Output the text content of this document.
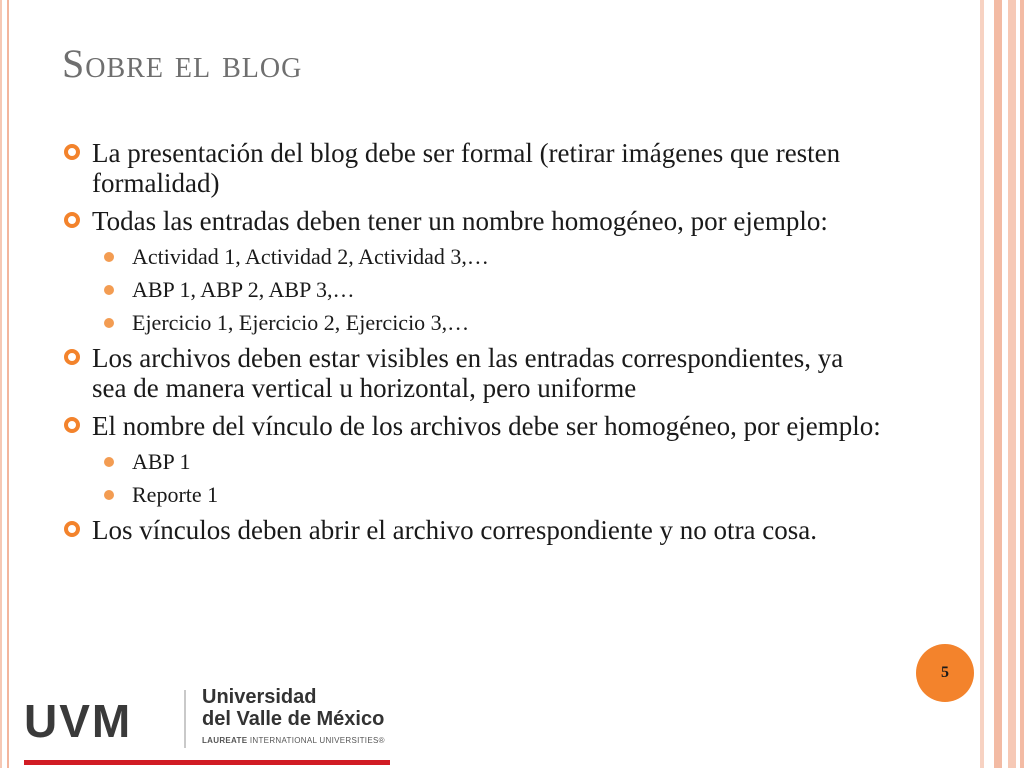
Sobre el blog
La presentación del blog debe ser formal (retirar imágenes que resten formalidad)
Todas las entradas deben tener un nombre homogéneo, por ejemplo:
Actividad 1, Actividad 2, Actividad 3,…
ABP 1, ABP 2, ABP 3,…
Ejercicio 1, Ejercicio 2, Ejercicio 3,…
Los archivos deben estar visibles en las entradas correspondientes, ya sea de manera vertical u horizontal, pero uniforme
El nombre del vínculo de los archivos debe ser homogéneo, por ejemplo:
ABP 1
Reporte 1
Los vínculos deben abrir el archivo correspondiente y no otra cosa.
5
UVM	Universidad
del Valle de México
LAUREATE INTERNATIONAL UNIVERSITIES®
